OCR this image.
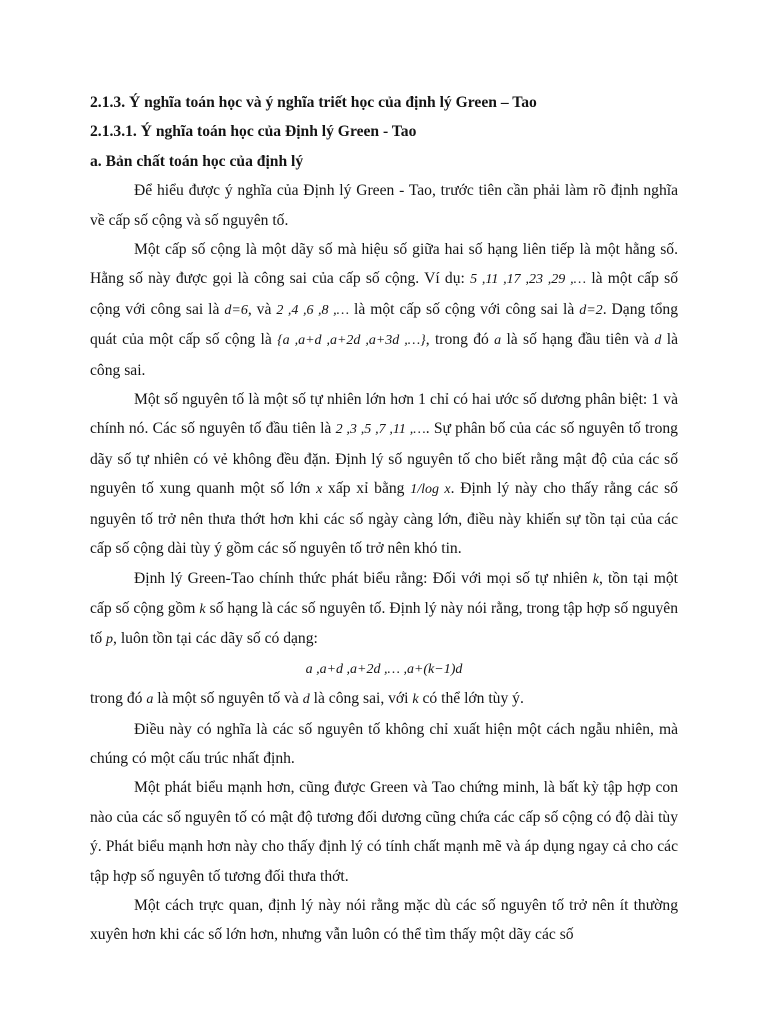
2.1.3. Ý nghĩa toán học và ý nghĩa triết học của định lý Green – Tao
2.1.3.1. Ý nghĩa toán học của Định lý Green - Tao
a. Bản chất toán học của định lý

Để hiểu được ý nghĩa của Định lý Green - Tao, trước tiên cần phải làm rõ định nghĩa về cấp số cộng và số nguyên tố.

Một cấp số cộng là một dãy số mà hiệu số giữa hai số hạng liên tiếp là một hằng số. Hằng số này được gọi là công sai của cấp số cộng. Ví dụ: 5 ,11 ,17 ,23 ,29 ,… là một cấp số cộng với công sai là d=6, và 2 ,4 ,6 ,8 ,… là một cấp số cộng với công sai là d=2. Dạng tổng quát của một cấp số cộng là {a ,a+d ,a+2d ,a+3d ,…}, trong đó a là số hạng đầu tiên và d là công sai.

Một số nguyên tố là một số tự nhiên lớn hơn 1 chỉ có hai ước số dương phân biệt: 1 và chính nó. Các số nguyên tố đầu tiên là 2 ,3 ,5 ,7 ,11 ,…. Sự phân bố của các số nguyên tố trong dãy số tự nhiên có vẻ không đều đặn. Định lý số nguyên tố cho biết rằng mật độ của các số nguyên tố xung quanh một số lớn x xấp xỉ bằng 1/log x. Định lý này cho thấy rằng các số nguyên tố trở nên thưa thớt hơn khi các số ngày càng lớn, điều này khiến sự tồn tại của các cấp số cộng dài tùy ý gồm các số nguyên tố trở nên khó tin.

Định lý Green-Tao chính thức phát biểu rằng: Đối với mọi số tự nhiên k, tồn tại một cấp số cộng gồm k số hạng là các số nguyên tố. Định lý này nói rằng, trong tập hợp số nguyên tố p, luôn tồn tại các dãy số có dạng:

a ,a+d ,a+2d ,… ,a+(k−1)d

trong đó a là một số nguyên tố và d là công sai, với k có thể lớn tùy ý.

Điều này có nghĩa là các số nguyên tố không chỉ xuất hiện một cách ngẫu nhiên, mà chúng có một cấu trúc nhất định.

Một phát biểu mạnh hơn, cũng được Green và Tao chứng minh, là bất kỳ tập hợp con nào của các số nguyên tố có mật độ tương đối dương cũng chứa các cấp số cộng có độ dài tùy ý. Phát biểu mạnh hơn này cho thấy định lý có tính chất mạnh mẽ và áp dụng ngay cả cho các tập hợp số nguyên tố tương đối thưa thớt.

Một cách trực quan, định lý này nói rằng mặc dù các số nguyên tố trở nên ít thường xuyên hơn khi các số lớn hơn, nhưng vẫn luôn có thể tìm thấy một dãy các số
